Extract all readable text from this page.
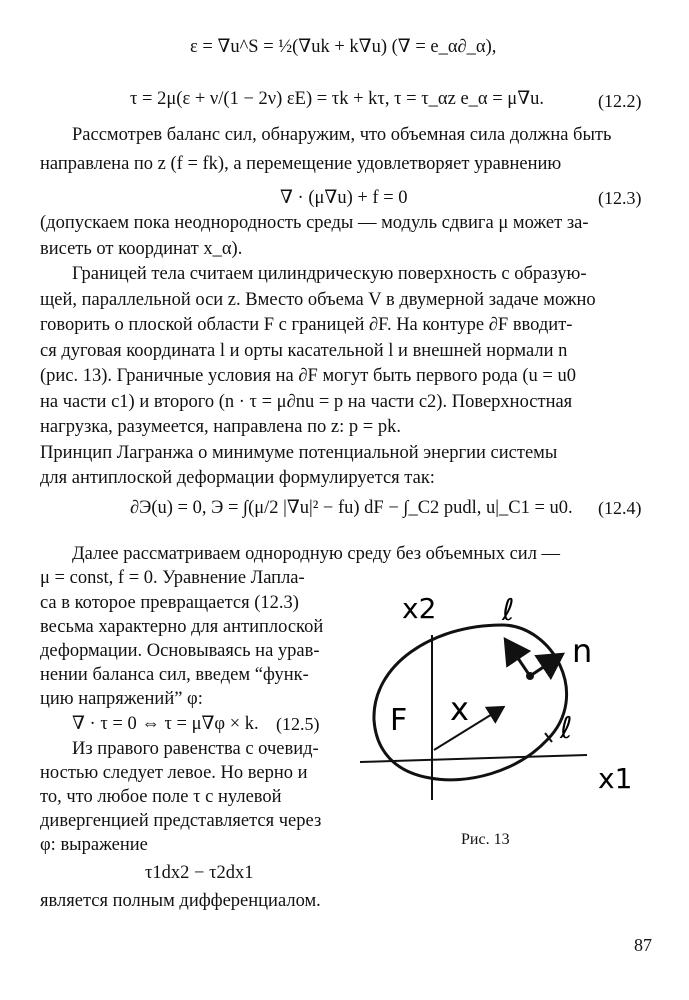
ε = ∇u^S = ½(∇uk + k∇u) (∇ = e_α∂_α),
τ = 2μ(ε + ν/(1 − 2ν) εE) = τk + kτ, τ = τ_αz e_α = μ∇u.	(12.2)
Рассмотрев баланс сил, обнаружим, что объемная сила должна быть
направлена по z (f = fk), а перемещение удовлетворяет уравнению
∇ · (μ∇u) + f = 0	(12.3)
(допускаем пока неоднородность среды — модуль сдвига μ может за-
висеть от координат x_α).
Границей тела считаем цилиндрическую поверхность с образую-
щей, параллельной оси z. Вместо объема V в двумерной задаче можно
говорить о плоской области F с границей ∂F. На контуре ∂F вводит-
ся дуговая координата l и орты касательной l и внешней нормали n
(рис. 13). Граничные условия на ∂F могут быть первого рода (u = u0
на части c1) и второго (n · τ = μ∂nu = p на части c2). Поверхностная
нагрузка, разумеется, направлена по z: p = pk.
Принцип Лагранжа о минимуме потенциальной энергии системы
для антиплоской деформации формулируется так:
∂Э(u) = 0, Э = ∫(μ/2 |∇u|² − fu) dF − ∫_C2 pudl, u|_C1 = u0. (12.4)
Далее рассматриваем однородную среду без объемных сил —
μ = const, f = 0. Уравнение Лапла-
са в которое превращается (12.3)
весьма характерно для антиплоской
деформации. Основываясь на урав-
нении баланса сил, введем “функ-
цию напряжений” φ:
∇ · τ = 0 ⇔ τ = μ∇φ × k. (12.5)
Из правого равенства с очевид-
ностью следует левое. Но верно и
то, что любое поле τ с нулевой
дивергенцией представляется через
φ: выражение
τ1dx2 − τ2dx1
является полным дифференциалом.
x2 ℓ
n
F x
ℓ
x1
Рис. 13
87
